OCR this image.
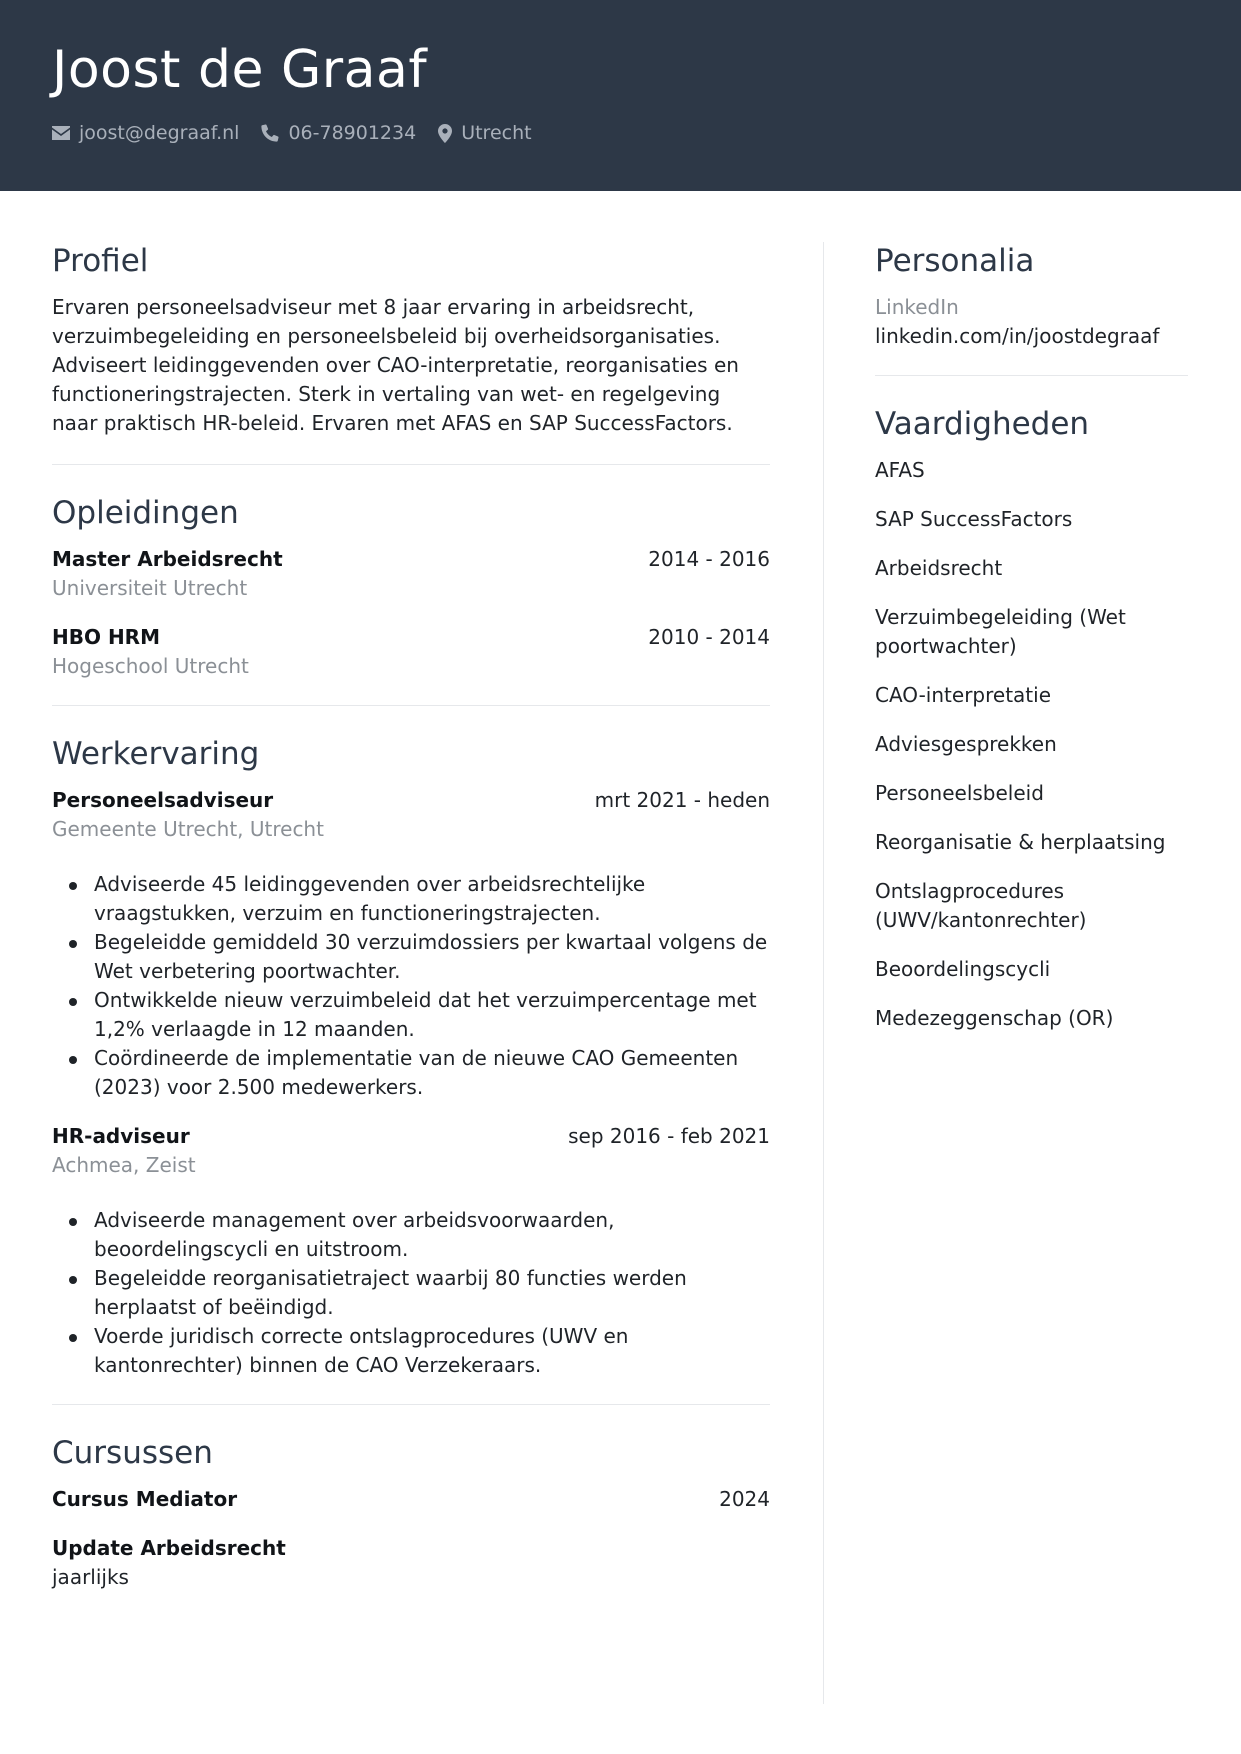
Joost de Graaf
joost@degraaf.nl	06-78901234 Utrecht
Profiel

Ervaren personeelsadviseur met 8 jaar ervaring in arbeidsrecht, verzuimbegeleiding en personeelsbeleid bij overheidsorganisaties. Adviseert leidinggevenden over CAO-interpretatie, reorganisaties en functioneringstrajecten. Sterk in vertaling van wet- en regelgeving naar praktisch HR-beleid. Ervaren met AFAS en SAP SuccessFactors.

Opleidingen
Master Arbeidsrecht	2014 - 2016
Universiteit Utrecht
HBO HRM	2010 - 2014
Hogeschool Utrecht
Werkervaring
Personeelsadviseur	mrt 2021 - heden
Gemeente Utrecht, Utrecht
Adviseerde 45 leidinggevenden over arbeidsrechtelijke vraagstukken, verzuim en functioneringstrajecten.
Begeleidde gemiddeld 30 verzuimdossiers per kwartaal volgens de Wet verbetering poortwachter.
Ontwikkelde nieuw verzuimbeleid dat het verzuimpercentage met 1,2% verlaagde in 12 maanden.
Coördineerde de implementatie van de nieuwe CAO Gemeenten (2023) voor 2.500 medewerkers.
HR-adviseur	sep 2016 - feb 2021
Achmea, Zeist
Adviseerde management over arbeidsvoorwaarden, beoordelingscycli en uitstroom.
Begeleidde reorganisatietraject waarbij 80 functies werden herplaatst of beëindigd.
Voerde juridisch correcte ontslagprocedures (UWV en kantonrechter) binnen de CAO Verzekeraars.
Cursussen
Cursus Mediator	2024
Update Arbeidsrecht
jaarlijks
Personalia
LinkedIn
linkedin.com/in/joostdegraaf
Vaardigheden
AFAS
SAP SuccessFactors
Arbeidsrecht
Verzuimbegeleiding (Wet poortwachter)
CAO-interpretatie
Adviesgesprekken
Personeelsbeleid
Reorganisatie & herplaatsing
Ontslagprocedures (UWV/kantonrechter)
Beoordelingscycli
Medezeggenschap (OR)
